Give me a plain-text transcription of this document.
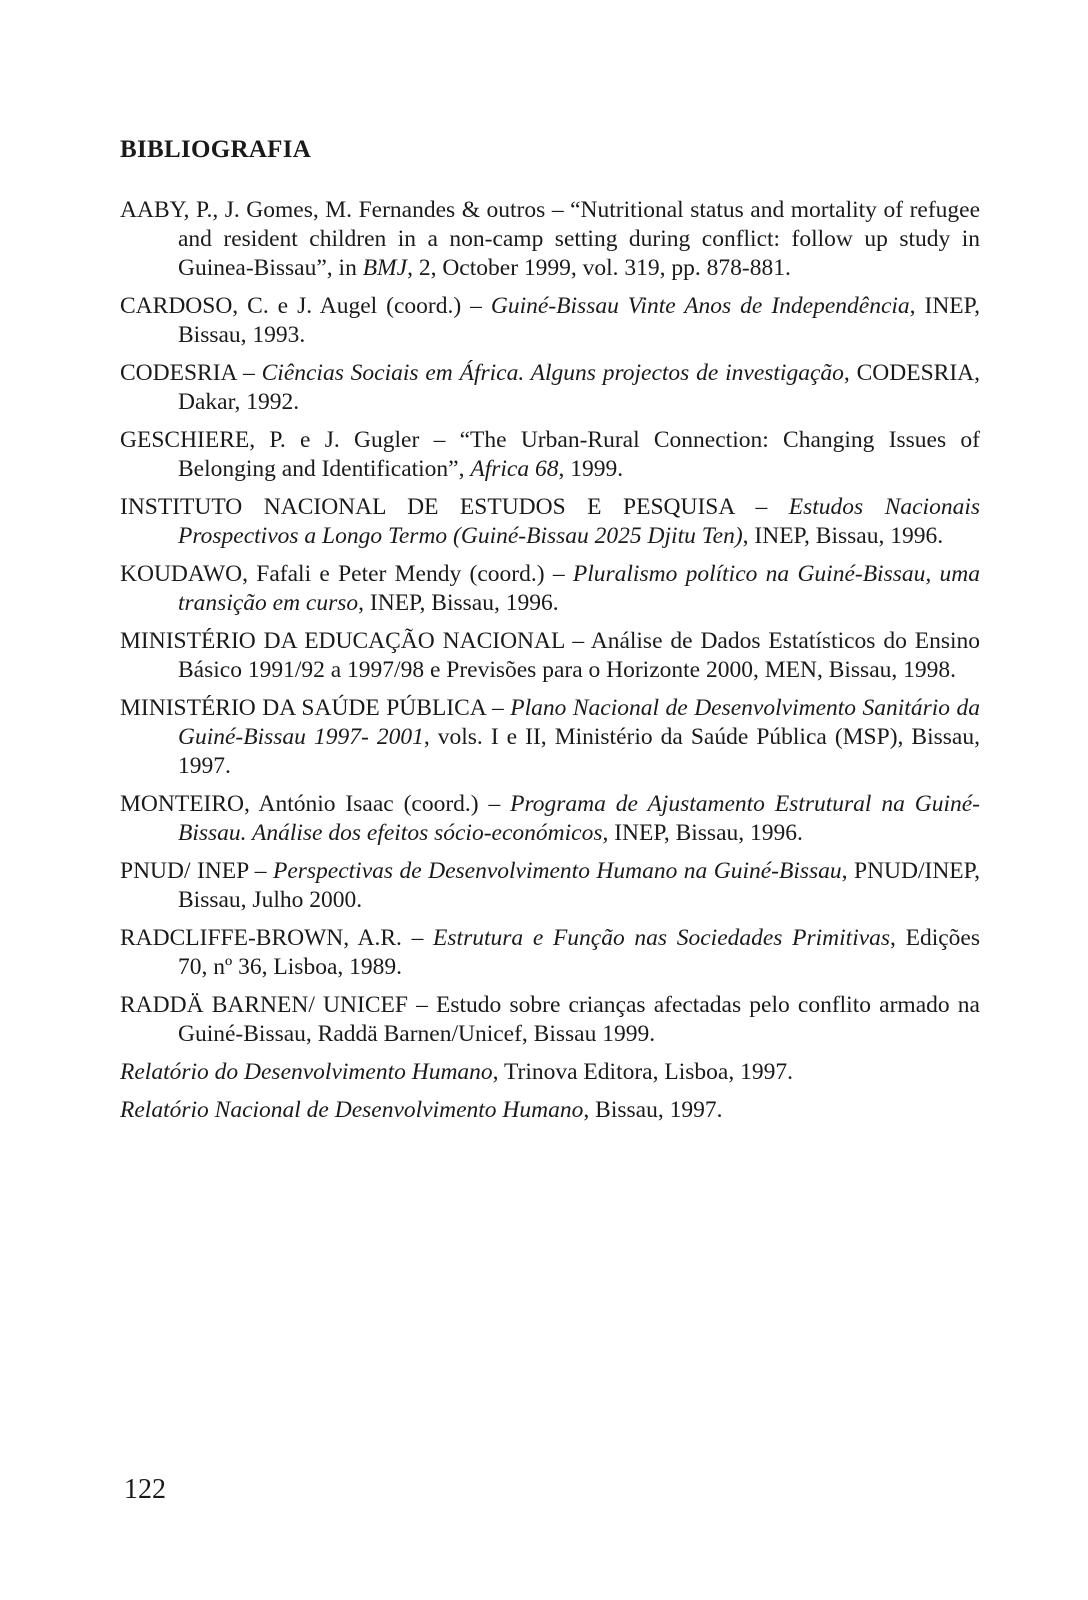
BIBLIOGRAFIA
AABY, P., J. Gomes, M. Fernandes & outros – “Nutritional status and mortality of refugee and resident children in a non-camp setting during conflict: follow up study in Guinea-Bissau”, in BMJ, 2, October 1999, vol. 319, pp. 878-881.
CARDOSO, C. e J. Augel (coord.) – Guiné-Bissau Vinte Anos de Independência, INEP, Bissau, 1993.
CODESRIA – Ciências Sociais em África. Alguns projectos de investigação, CODESRIA, Dakar, 1992.
GESCHIERE, P. e J. Gugler – “The Urban-Rural Connection: Changing Issues of Belonging and Identification”, Africa 68, 1999.
INSTITUTO NACIONAL DE ESTUDOS E PESQUISA – Estudos Nacionais Prospectivos a Longo Termo (Guiné-Bissau 2025 Djitu Ten), INEP, Bissau, 1996.
KOUDAWO, Fafali e Peter Mendy (coord.) – Pluralismo político na Guiné-Bissau, uma transição em curso, INEP, Bissau, 1996.
MINISTÉRIO DA EDUCAÇÃO NACIONAL – Análise de Dados Estatísticos do Ensino Básico 1991/92 a 1997/98 e Previsões para o Horizonte 2000, MEN, Bissau, 1998.
MINISTÉRIO DA SAÚDE PÚBLICA – Plano Nacional de Desenvolvimento Sanitário da Guiné-Bissau 1997- 2001, vols. I e II, Ministério da Saúde Pública (MSP), Bissau, 1997.
MONTEIRO, António Isaac (coord.) – Programa de Ajustamento Estrutural na Guiné-Bissau. Análise dos efeitos sócio-económicos, INEP, Bissau, 1996.
PNUD/ INEP – Perspectivas de Desenvolvimento Humano na Guiné-Bissau, PNUD/INEP, Bissau, Julho 2000.
RADCLIFFE-BROWN, A.R. – Estrutura e Função nas Sociedades Primitivas, Edições 70, nº 36, Lisboa, 1989.
RADDÄ BARNEN/ UNICEF – Estudo sobre crianças afectadas pelo conflito armado na Guiné-Bissau, Raddä Barnen/Unicef, Bissau 1999.
Relatório do Desenvolvimento Humano, Trinova Editora, Lisboa, 1997.
Relatório Nacional de Desenvolvimento Humano, Bissau, 1997.
122
